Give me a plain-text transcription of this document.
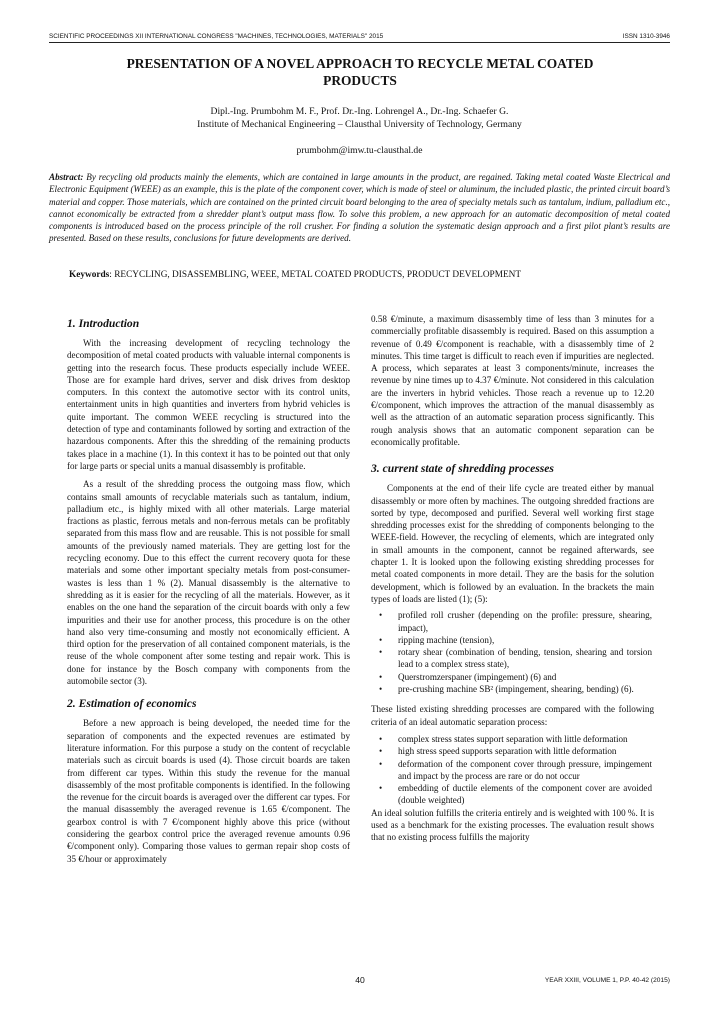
SCIENTIFIC PROCEEDINGS XII INTERNATIONAL CONGRESS "MACHINES, TECHNOLOGIES, MATERIALS" 2015	ISSN 1310-3946
PRESENTATION OF A NOVEL APPROACH TO RECYCLE METAL COATED
PRODUCTS
Dipl.-Ing. Prumbohm M. F., Prof. Dr.-Ing. Lohrengel A., Dr.-Ing. Schaefer G.
Institute of Mechanical Engineering – Clausthal University of Technology, Germany
prumbohm@imw.tu-clausthal.de
Abstract: By recycling old products mainly the elements, which are contained in large amounts in the product, are regained. Taking metal coated Waste Electrical and Electronic Equipment (WEEE) as an example, this is the plate of the component cover, which is made of steel or aluminum, the included plastic, the printed circuit board’s material and copper. Those materials, which are contained on the printed circuit board belonging to the area of specialty metals such as tantalum, indium, palladium etc., cannot economically be extracted from a shredder plant’s output mass flow. To solve this problem, a new approach for an automatic decomposition of metal coated components is introduced based on the process principle of the roll crusher. For finding a solution the systematic design approach and a first pilot plant’s results are presented. Based on these results, conclusions for future developments are derived.
Keywords: RECYCLING, DISASSEMBLING, WEEE, METAL COATED PRODUCTS, PRODUCT DEVELOPMENT
1. Introduction

With the increasing development of recycling technology the decomposition of metal coated products with valuable internal components is getting into the research focus. These products especially include WEEE. Those are for example hard drives, server and disk drives from desktop computers. In this context the automotive sector with its control units, entertainment units in high quantities and inverters from hybrid vehicles is quite important. The common WEEE recycling is structured into the detection of type and contaminants followed by sorting and extraction of the hazardous components. After this the shredding of the remaining products takes place in a machine (1). In this context it has to be pointed out that only for large parts or special units a manual disassembly is profitable.

As a result of the shredding process the outgoing mass flow, which contains small amounts of recyclable materials such as tantalum, indium, palladium etc., is highly mixed with all other materials. Large material fractions as plastic, ferrous metals and non-ferrous metals can be profitably separated from this mass flow and are reusable. This is not possible for small amounts of the previously named materials. They are getting lost for the recycling economy. Due to this effect the current recovery quota for these materials and some other important specialty metals from post-consumer-wastes is less than 1 % (2). Manual disassembly is the alternative to shredding as it is easier for the recycling of all the materials. However, as it enables on the one hand the separation of the circuit boards with only a few impurities and their use for another process, this procedure is on the other hand also very time-consuming and mostly not economically efficient. A third option for the preservation of all contained component materials, is the reuse of the whole component after some testing and repair work. This is done for instance by the Bosch company with components from the automobile sector (3).

2. Estimation of economics

Before a new approach is being developed, the needed time for the separation of components and the expected revenues are estimated by literature information. For this purpose a study on the content of recyclable materials such as circuit boards is used (4). Those circuit boards are taken from different car types. Within this study the revenue for the manual disassembly of the most profitable components is identified. In the following the revenue for the circuit boards is averaged over the different car types. For the manual disassembly the averaged revenue is 1.65 €/component. The gearbox control is with 7 €/component highly above this price (without considering the gearbox control price the averaged revenue amounts 0.96 €/component only). Comparing those values to german repair shop costs of 35 €/hour or approximately

0.58 €/minute, a maximum disassembly time of less than 3 minutes for a commercially profitable disassembly is required. Based on this assumption a revenue of 0.49 €/component is reachable, with a disassembly time of 2 minutes. This time target is difficult to reach even if impurities are neglected. A process, which separates at least 3 components/minute, increases the revenue by nine times up to 4.37 €/minute. Not considered in this calculation are the inverters in hybrid vehicles. Those reach a revenue up to 12.20 €/component, which improves the attraction of the manual disassembly as well as the attraction of an automatic separation process significantly. This rough analysis shows that an automatic component separation can be economically profitable.

3. current state of shredding processes

Components at the end of their life cycle are treated either by manual disassembly or more often by machines. The outgoing shredded fractions are sorted by type, decomposed and purified. Several well working first stage shredding processes exist for the shredding of components belonging to the WEEE-field. However, the recycling of elements, which are integrated only in small amounts in the component, cannot be regained afterwards, see chapter 1. It is looked upon the following existing shredding processes for metal coated components in more detail. They are the basis for the solution development, which is followed by an evaluation. In the brackets the main types of loads are listed (1); (5):

• profiled roll crusher (depending on the profile: pressure, shearing, impact),
• ripping machine (tension),
• rotary shear (combination of bending, tension, shearing and torsion lead to a complex stress state),
• Querstromzerspaner (impingement) (6) and
• pre-crushing machine SB² (impingement, shearing, bending) (6).

These listed existing shredding processes are compared with the following criteria of an ideal automatic separation process:

• complex stress states support separation with little deformation
• high stress speed supports separation with little deformation
• deformation of the component cover through pressure, impingement and impact by the process are rare or do not occur
• embedding of ductile elements of the component cover are avoided (double weighted)

An ideal solution fulfills the criteria entirely and is weighted with 100 %. It is used as a benchmark for the existing processes. The evaluation result shows that no existing process fulfills the majority

40	YEAR XXIII, VOLUME 1, P.P. 40-42 (2015)
